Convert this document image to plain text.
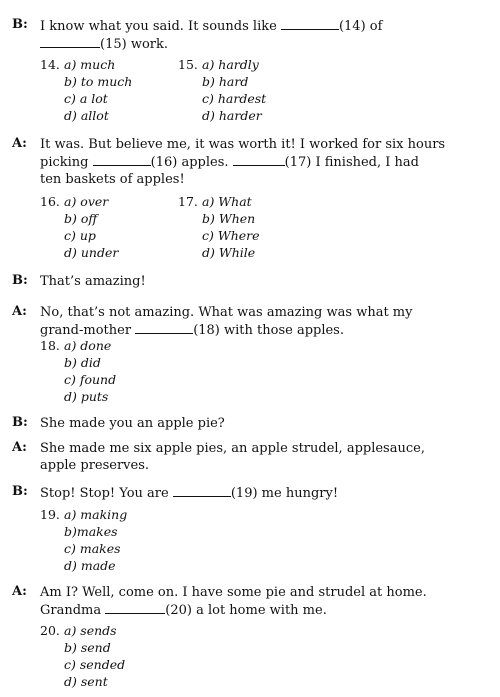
B: I know what you said. It sounds like	(14) of
(15) work.
14. a) much
b) to much
c) a lot
d) allot
15. a) hardly
b) hard
c) hardest
d) harder
A: It was. But believe me, it was worth it! I worked for six hours
picking	(16) apples.	(17) I finished, I had
ten baskets of apples!
16. a) over
b) off
c) up
d) under
17. a) What
b) When
c) Where
d) While
B: That’s amazing!
A: No, that’s not amazing. What was amazing was what my
grand-mother	(18) with those apples.
18. a) done
b) did
c) found
d) puts
B: She made you an apple pie?
A: She made me six apple pies, an apple strudel, applesauce,
apple preserves.
B: Stop! Stop! You are	(19) me hungry!
19. a) making
b)makes
c) makes
d) made
A: Am I? Well, come on. I have some pie and strudel at home.
Grandma	(20) a lot home with me.
20. a) sends
b) send
c) sended
d) sent
